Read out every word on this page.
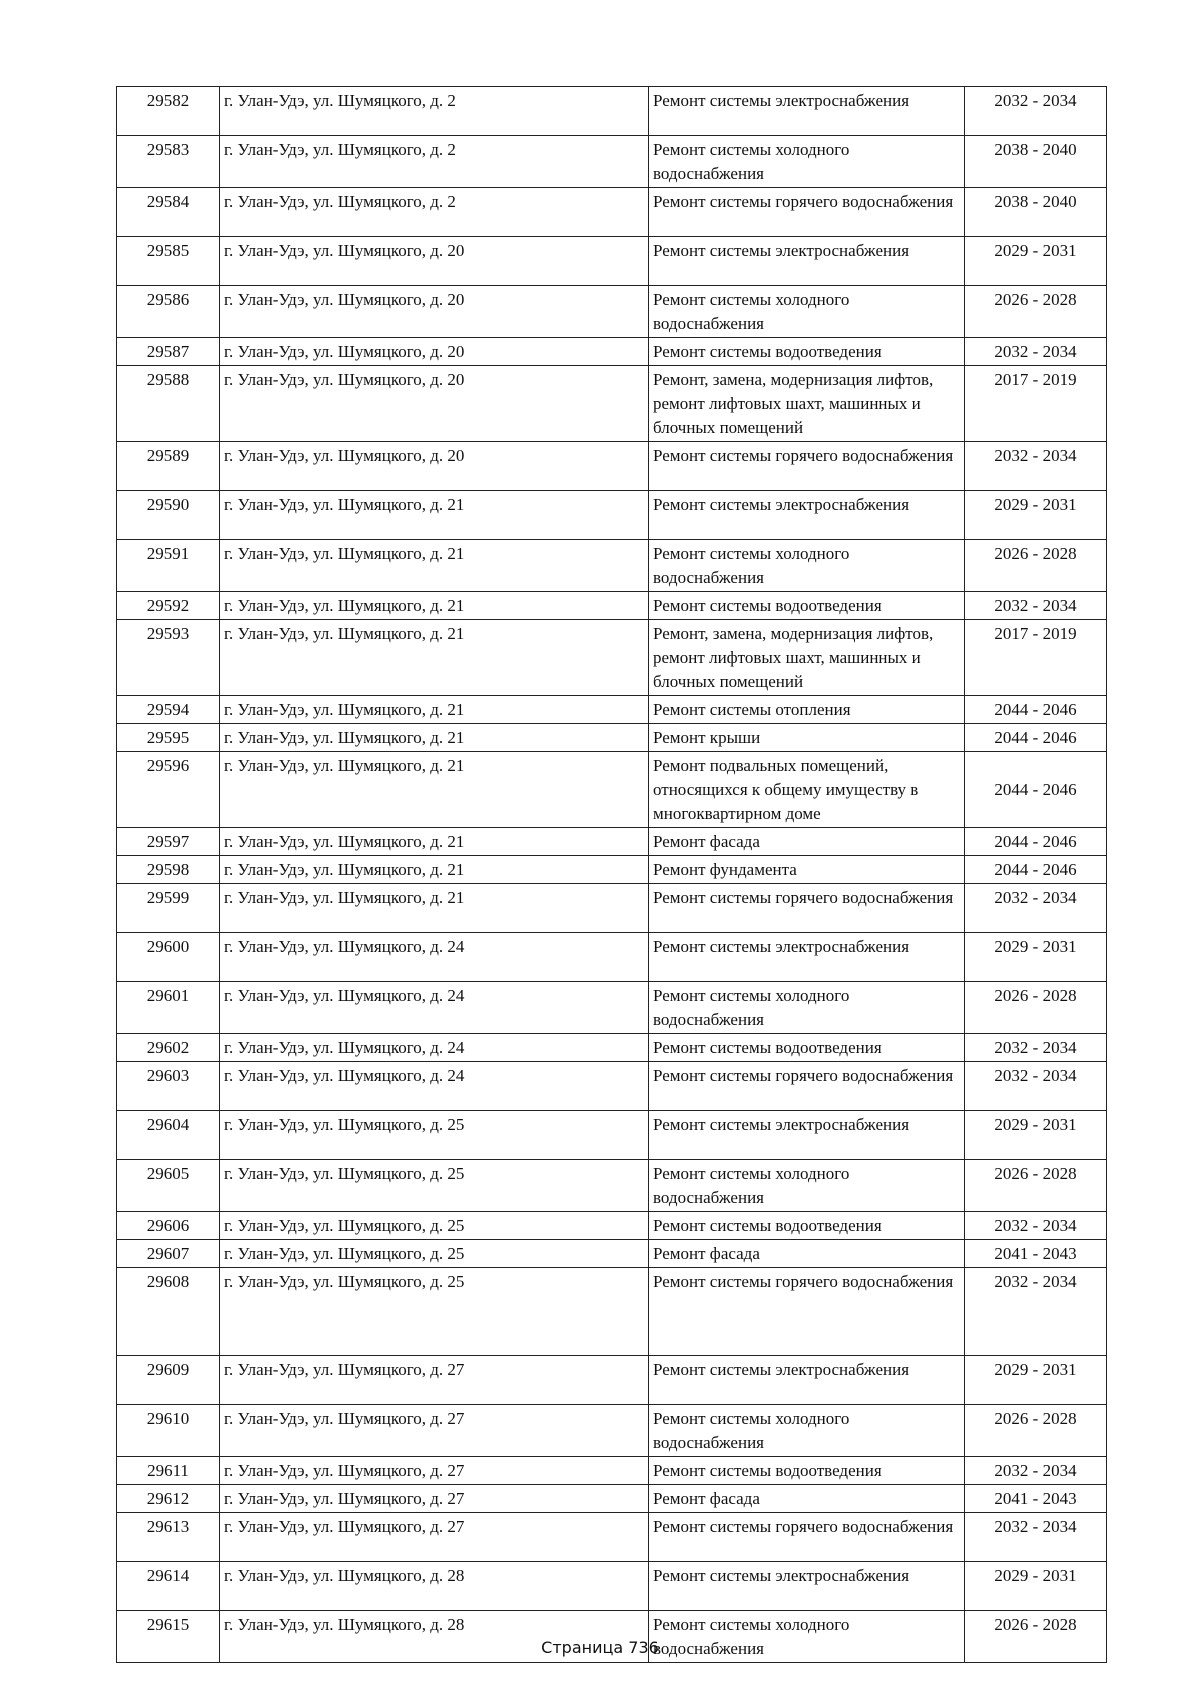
29582	г. Улан-Удэ, ул. Шумяцкого, д. 2	Ремонт системы электроснабжения	2032 - 2034
29583	г. Улан-Удэ, ул. Шумяцкого, д. 2	Ремонт системы холодного водоснабжения	2038 - 2040
29584	г. Улан-Удэ, ул. Шумяцкого, д. 2	Ремонт системы горячего водоснабжения	2038 - 2040
29585	г. Улан-Удэ, ул. Шумяцкого, д. 20	Ремонт системы электроснабжения	2029 - 2031
29586	г. Улан-Удэ, ул. Шумяцкого, д. 20	Ремонт системы холодного водоснабжения	2026 - 2028
29587	г. Улан-Удэ, ул. Шумяцкого, д. 20	Ремонт системы водоотведения	2032 - 2034
29588	г. Улан-Удэ, ул. Шумяцкого, д. 20	Ремонт, замена, модернизация лифтов, ремонт лифтовых шахт, машинных и блочных помещений	2017 - 2019
29589	г. Улан-Удэ, ул. Шумяцкого, д. 20	Ремонт системы горячего водоснабжения	2032 - 2034
29590	г. Улан-Удэ, ул. Шумяцкого, д. 21	Ремонт системы электроснабжения	2029 - 2031
29591	г. Улан-Удэ, ул. Шумяцкого, д. 21	Ремонт системы холодного водоснабжения	2026 - 2028
29592	г. Улан-Удэ, ул. Шумяцкого, д. 21	Ремонт системы водоотведения	2032 - 2034
29593	г. Улан-Удэ, ул. Шумяцкого, д. 21	Ремонт, замена, модернизация лифтов, ремонт лифтовых шахт, машинных и блочных помещений	2017 - 2019
29594	г. Улан-Удэ, ул. Шумяцкого, д. 21	Ремонт системы отопления	2044 - 2046
29595	г. Улан-Удэ, ул. Шумяцкого, д. 21	Ремонт крыши	2044 - 2046
29596	г. Улан-Удэ, ул. Шумяцкого, д. 21	Ремонт подвальных помещений, относящихся к общему имуществу в многоквартирном доме	2044 - 2046
29597	г. Улан-Удэ, ул. Шумяцкого, д. 21	Ремонт фасада	2044 - 2046
29598	г. Улан-Удэ, ул. Шумяцкого, д. 21	Ремонт фундамента	2044 - 2046
29599	г. Улан-Удэ, ул. Шумяцкого, д. 21	Ремонт системы горячего водоснабжения	2032 - 2034
29600	г. Улан-Удэ, ул. Шумяцкого, д. 24	Ремонт системы электроснабжения	2029 - 2031
29601	г. Улан-Удэ, ул. Шумяцкого, д. 24	Ремонт системы холодного водоснабжения	2026 - 2028
29602	г. Улан-Удэ, ул. Шумяцкого, д. 24	Ремонт системы водоотведения	2032 - 2034
29603	г. Улан-Удэ, ул. Шумяцкого, д. 24	Ремонт системы горячего водоснабжения	2032 - 2034
29604	г. Улан-Удэ, ул. Шумяцкого, д. 25	Ремонт системы электроснабжения	2029 - 2031
29605	г. Улан-Удэ, ул. Шумяцкого, д. 25	Ремонт системы холодного водоснабжения	2026 - 2028
29606	г. Улан-Удэ, ул. Шумяцкого, д. 25	Ремонт системы водоотведения	2032 - 2034
29607	г. Улан-Удэ, ул. Шумяцкого, д. 25	Ремонт фасада	2041 - 2043
29608	г. Улан-Удэ, ул. Шумяцкого, д. 25	Ремонт системы горячего водоснабжения	2032 - 2034
29609	г. Улан-Удэ, ул. Шумяцкого, д. 27	Ремонт системы электроснабжения	2029 - 2031
29610	г. Улан-Удэ, ул. Шумяцкого, д. 27	Ремонт системы холодного водоснабжения	2026 - 2028
29611	г. Улан-Удэ, ул. Шумяцкого, д. 27	Ремонт системы водоотведения	2032 - 2034
29612	г. Улан-Удэ, ул. Шумяцкого, д. 27	Ремонт фасада	2041 - 2043
29613	г. Улан-Удэ, ул. Шумяцкого, д. 27	Ремонт системы горячего водоснабжения	2032 - 2034
29614	г. Улан-Удэ, ул. Шумяцкого, д. 28	Ремонт системы электроснабжения	2029 - 2031
29615	г. Улан-Удэ, ул. Шумяцкого, д. 28	Ремонт системы холодного водоснабжения	2026 - 2028
Страница 736
